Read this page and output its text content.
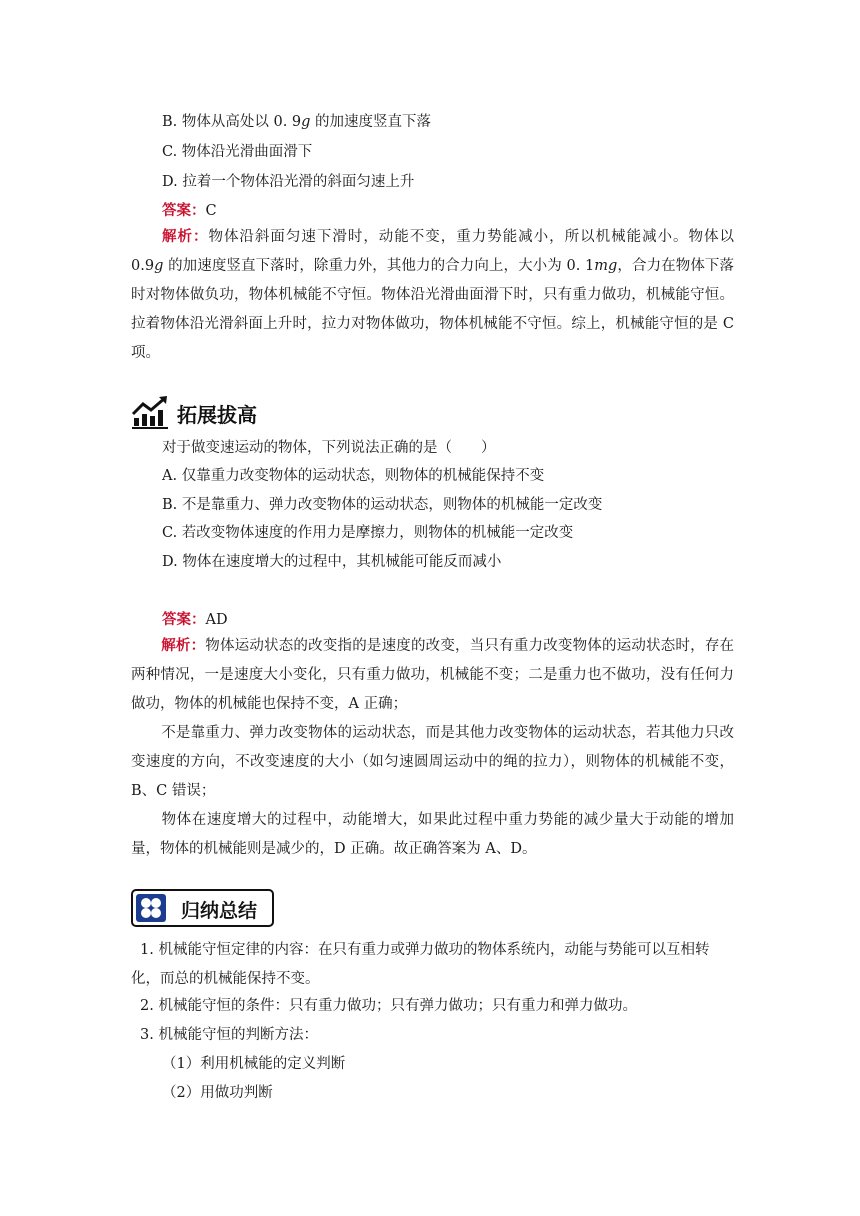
B. 物体从高处以 0. 9g 的加速度竖直下落
C. 物体沿光滑曲面滑下
D. 拉着一个物体沿光滑的斜面匀速上升
答案：C
解析：物体沿斜面匀速下滑时，动能不变，重力势能减小，所以机械能减小。物体以 0.9g 的加速度竖直下落时，除重力外，其他力的合力向上，大小为 0. 1mg，合力在物体下落时对物体做负功，物体机械能不守恒。物体沿光滑曲面滑下时，只有重力做功，机械能守恒。拉着物体沿光滑斜面上升时，拉力对物体做功，物体机械能不守恒。综上，机械能守恒的是 C 项。
拓展拔高
对于做变速运动的物体，下列说法正确的是（　　）
A. 仅靠重力改变物体的运动状态，则物体的机械能保持不变
B. 不是靠重力、弹力改变物体的运动状态，则物体的机械能一定改变
C. 若改变物体速度的作用力是摩擦力，则物体的机械能一定改变
D. 物体在速度增大的过程中，其机械能可能反而减小
答案：AD
解析：物体运动状态的改变指的是速度的改变，当只有重力改变物体的运动状态时，存在两种情况，一是速度大小变化，只有重力做功，机械能不变；二是重力也不做功，没有任何力做功，物体的机械能也保持不变，A 正确；
不是靠重力、弹力改变物体的运动状态，而是其他力改变物体的运动状态，若其他力只改变速度的方向，不改变速度的大小（如匀速圆周运动中的绳的拉力），则物体的机械能不变，B、C 错误；
物体在速度增大的过程中，动能增大，如果此过程中重力势能的减少量大于动能的增加量，物体的机械能则是减少的，D 正确。故正确答案为 A、D。
归纳总结
1. 机械能守恒定律的内容：在只有重力或弹力做功的物体系统内，动能与势能可以互相转化，而总的机械能保持不变。
2. 机械能守恒的条件：只有重力做功；只有弹力做功；只有重力和弹力做功。
3. 机械能守恒的判断方法：
（1）利用机械能的定义判断
（2）用做功判断
